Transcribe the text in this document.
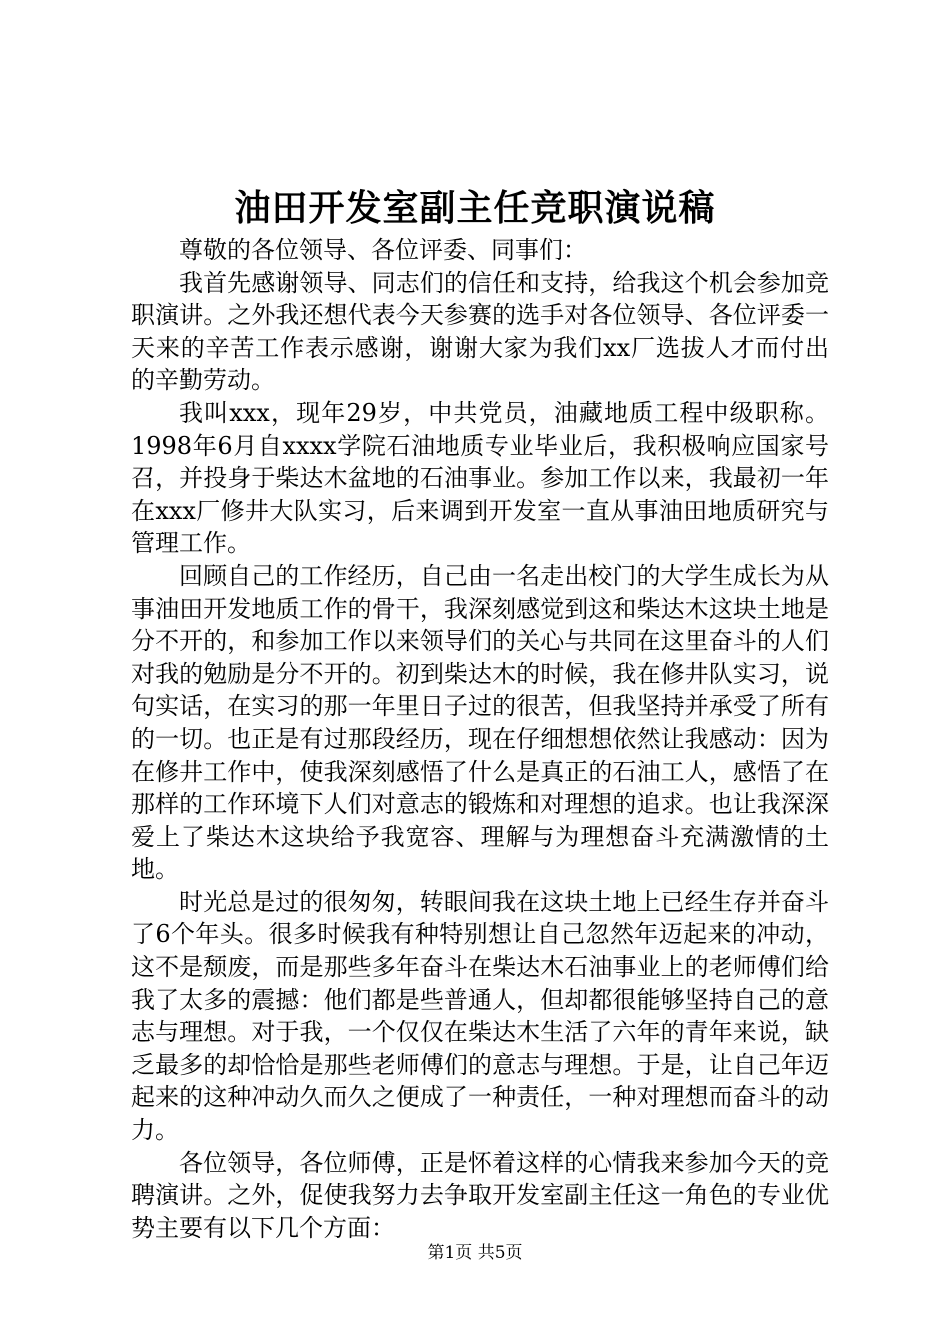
油田开发室副主任竞职演说稿

尊敬的各位领导、各位评委、同事们：

我首先感谢领导、同志们的信任和支持，给我这个机会参加竞职演讲。之外我还想代表今天参赛的选手对各位领导、各位评委一天来的辛苦工作表示感谢，谢谢大家为我们xx厂选拔人才而付出的辛勤劳动。

我叫xxx，现年29岁，中共党员，油藏地质工程中级职称。1998年6月自xxxx学院石油地质专业毕业后，我积极响应国家号召，并投身于柴达木盆地的石油事业。参加工作以来，我最初一年在xxx厂修井大队实习，后来调到开发室一直从事油田地质研究与管理工作。

回顾自己的工作经历，自己由一名走出校门的大学生成长为从事油田开发地质工作的骨干，我深刻感觉到这和柴达木这块土地是分不开的，和参加工作以来领导们的关心与共同在这里奋斗的人们对我的勉励是分不开的。初到柴达木的时候，我在修井队实习，说句实话，在实习的那一年里日子过的很苦，但我坚持并承受了所有的一切。也正是有过那段经历，现在仔细想想依然让我感动：因为在修井工作中，使我深刻感悟了什么是真正的石油工人，感悟了在那样的工作环境下人们对意志的锻炼和对理想的追求。也让我深深爱上了柴达木这块给予我宽容、理解与为理想奋斗充满激情的土地。

时光总是过的很匆匆，转眼间我在这块土地上已经生存并奋斗了6个年头。很多时候我有种特别想让自己忽然年迈起来的冲动，这不是颓废，而是那些多年奋斗在柴达木石油事业上的老师傅们给我了太多的震撼：他们都是些普通人，但却都很能够坚持自己的意志与理想。对于我，一个仅仅在柴达木生活了六年的青年来说，缺乏最多的却恰恰是那些老师傅们的意志与理想。于是，让自己年迈起来的这种冲动久而久之便成了一种责任，一种对理想而奋斗的动力。

各位领导，各位师傅，正是怀着这样的心情我来参加今天的竞聘演讲。之外，促使我努力去争取开发室副主任这一角色的专业优势主要有以下几个方面：

第1页 共5页
